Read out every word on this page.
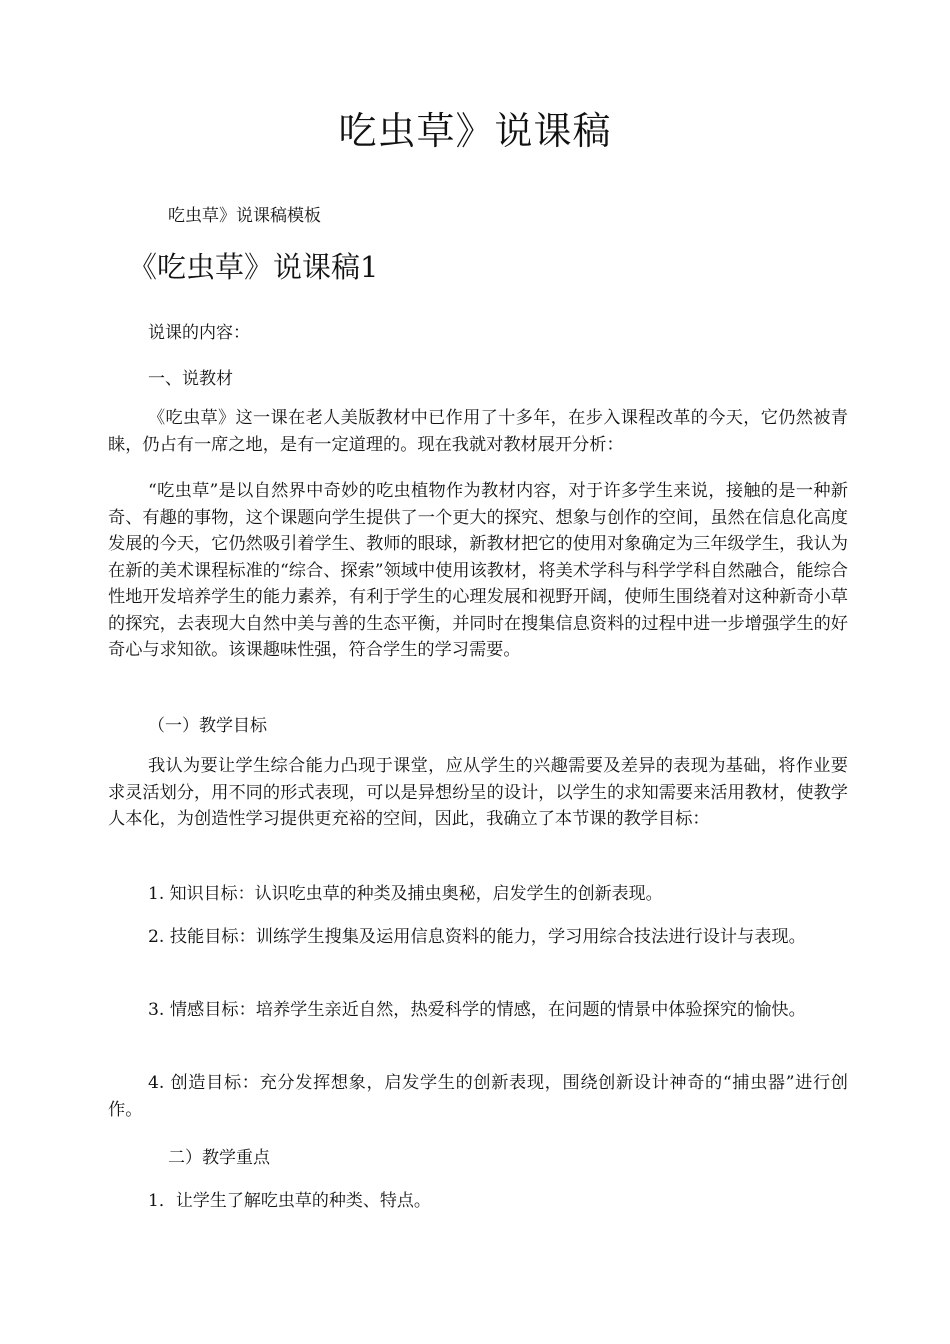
吃虫草》说课稿
吃虫草》说课稿模板
《吃虫草》说课稿1
说课的内容：
一、说教材
《吃虫草》这一课在老人美版教材中已作用了十多年，在步入课程改革的今天，它仍然被青睐，仍占有一席之地，是有一定道理的。现在我就对教材展开分析：
“吃虫草”是以自然界中奇妙的吃虫植物作为教材内容，对于许多学生来说，接触的是一种新奇、有趣的事物，这个课题向学生提供了一个更大的探究、想象与创作的空间，虽然在信息化高度发展的今天，它仍然吸引着学生、教师的眼球，新教材把它的使用对象确定为三年级学生，我认为在新的美术课程标准的“综合、探索”领域中使用该教材，将美术学科与科学学科自然融合，能综合性地开发培养学生的能力素养，有利于学生的心理发展和视野开阔，使师生围绕着对这种新奇小草的探究，去表现大自然中美与善的生态平衡，并同时在搜集信息资料的过程中进一步增强学生的好奇心与求知欲。该课趣味性强，符合学生的学习需要。
（一）教学目标
我认为要让学生综合能力凸现于课堂，应从学生的兴趣需要及差异的表现为基础，将作业要求灵活划分，用不同的形式表现，可以是异想纷呈的设计，以学生的求知需要来活用教材，使教学人本化，为创造性学习提供更充裕的空间，因此，我确立了本节课的教学目标：
1. 知识目标：认识吃虫草的种类及捕虫奥秘，启发学生的创新表现。
2. 技能目标：训练学生搜集及运用信息资料的能力，学习用综合技法进行设计与表现。
3. 情感目标：培养学生亲近自然，热爱科学的情感，在问题的情景中体验探究的愉快。
4. 创造目标：充分发挥想象，启发学生的创新表现，围绕创新设计神奇的“捕虫器”进行创作。
二）教学重点
1．让学生了解吃虫草的种类、特点。
